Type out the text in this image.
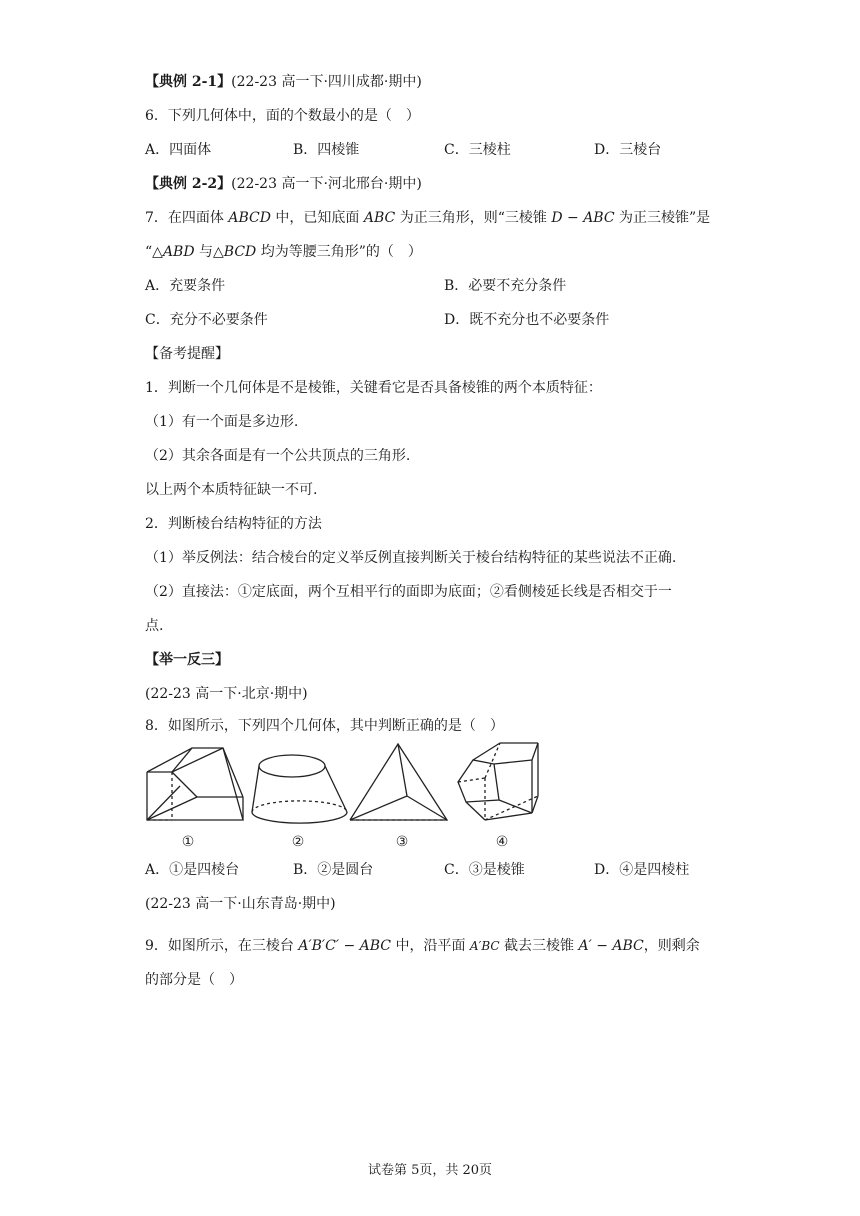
【典例 2-1】(22-23 高一下·四川成都·期中)
6．下列几何体中，面的个数最小的是（　）
A．四面体	B．四棱锥	C．三棱柱	D．三棱台
【典例 2-2】(22-23 高一下·河北邢台·期中)
7．在四面体 ABCD 中，已知底面 ABC 为正三角形，则“三棱锥 D − ABC 为正三棱锥”是
“△ABD 与△BCD 均为等腰三角形”的（　）
A．充要条件	B．必要不充分条件
C．充分不必要条件	D．既不充分也不必要条件
【备考提醒】
1．判断一个几何体是不是棱锥，关键看它是否具备棱锥的两个本质特征：
（1）有一个面是多边形.
（2）其余各面是有一个公共顶点的三角形.
以上两个本质特征缺一不可.
2．判断棱台结构特征的方法
（1）举反例法：结合棱台的定义举反例直接判断关于棱台结构特征的某些说法不正确.
（2）直接法：①定底面，两个互相平行的面即为底面；②看侧棱延长线是否相交于一
点.
【举一反三】
(22-23 高一下·北京·期中)
8．如图所示，下列四个几何体，其中判断正确的是（　）
①	②	③	④
A．①是四棱台	B．②是圆台	C．③是棱锥	D．④是四棱柱
(22-23 高一下·山东青岛·期中)
9．如图所示，在三棱台 A′B′C′ − ABC 中，沿平面 A′BC 截去三棱锥 A′ − ABC，则剩余
的部分是（　）
试卷第 5页，共 20页
